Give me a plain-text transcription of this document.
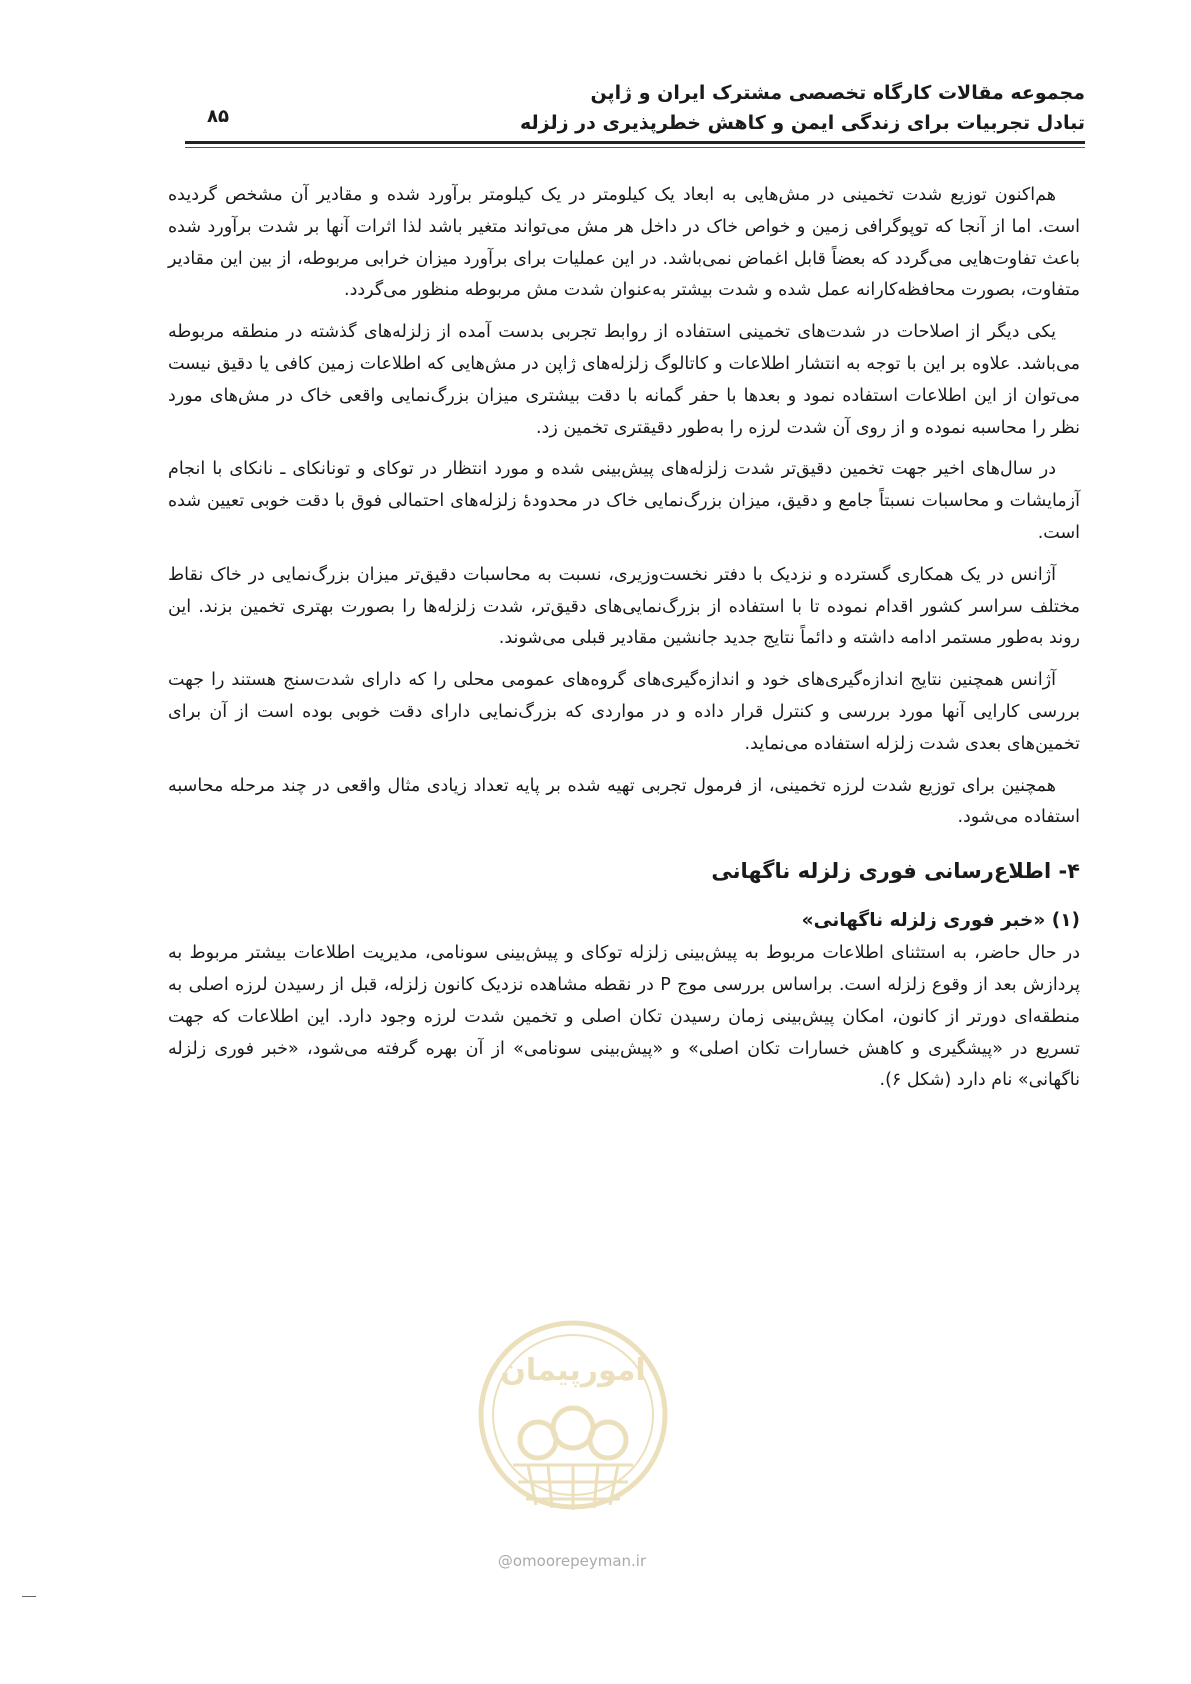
مجموعه مقالات کارگاه تخصصی مشترک ایران و ژاپن
تبادل تجربیات برای زندگی ایمن و کاهش خطرپذیری در زلزله
۸۵

هم‌اکنون توزیع شدت تخمینی در مش‌هایی به ابعاد یک کیلومتر در یک کیلومتر برآورد شده و مقادیر آن مشخص گردیده است. اما از آنجا که توپوگرافی زمین و خواص خاک در داخل هر مش می‌تواند متغیر باشد لذا اثرات آنها بر شدت برآورد شده باعث تفاوت‌هایی می‌گردد که بعضاً قابل اغماض نمی‌باشد. در این عملیات برای برآورد میزان خرابی مربوطه، از بین این مقادیر متفاوت، بصورت محافظه‌کارانه عمل شده و شدت بیشتر به‌عنوان شدت مش مربوطه منظور می‌گردد.

یکی دیگر از اصلاحات در شدت‌های تخمینی استفاده از روابط تجربی بدست آمده از زلزله‌های گذشته در منطقه مربوطه می‌باشد. علاوه بر این با توجه به انتشار اطلاعات و کاتالوگ زلزله‌های ژاپن در مش‌هایی که اطلاعات زمین کافی یا دقیق نیست می‌توان از این اطلاعات استفاده نمود و بعدها با حفر گمانه با دقت بیشتری میزان بزرگ‌نمایی واقعی خاک در مش‌های مورد نظر را محاسبه نموده و از روی آن شدت لرزه را به‌طور دقیقتری تخمین زد.

در سال‌های اخیر جهت تخمین دقیق‌تر شدت زلزله‌های پیش‌بینی شده و مورد انتظار در توکای و تونانکای ـ نانکای با انجام آزمایشات و محاسبات نسبتاً جامع و دقیق، میزان بزرگ‌نمایی خاک در محدودهٔ زلزله‌های احتمالی فوق با دقت خوبی تعیین شده است.

آژانس در یک همکاری گسترده و نزدیک با دفتر نخست‌وزیری، نسبت به محاسبات دقیق‌تر میزان بزرگ‌نمایی در خاک نقاط مختلف سراسر کشور اقدام نموده تا با استفاده از بزرگ‌نمایی‌های دقیق‌تر، شدت زلزله‌ها را بصورت بهتری تخمین بزند. این روند به‌طور مستمر ادامه داشته و دائماً نتایج جدید جانشین مقادیر قبلی می‌شوند.

آژانس همچنین نتایج اندازه‌گیری‌های خود و اندازه‌گیری‌های گروه‌های عمومی محلی را که دارای شدت‌سنج هستند را جهت بررسی کارایی آنها مورد بررسی و کنترل قرار داده و در مواردی که بزرگ‌نمایی دارای دقت خوبی بوده است از آن برای تخمین‌های بعدی شدت زلزله استفاده می‌نماید.

همچنین برای توزیع شدت لرزه تخمینی، از فرمول تجربی تهیه شده بر پایه تعداد زیادی مثال واقعی در چند مرحله محاسبه استفاده می‌شود.

۴- اطلاع‌رسانی فوری زلزله ناگهانی
(۱) «خبر فوری زلزله ناگهانی»

در حال حاضر، به استثنای اطلاعات مربوط به پیش‌بینی زلزله توکای و پیش‌بینی سونامی، مدیریت اطلاعات بیشتر مربوط به پردازش بعد از وقوع زلزله است. براساس بررسی موج P در نقطه مشاهده نزدیک کانون زلزله، قبل از رسیدن لرزه اصلی به منطقه‌ای دورتر از کانون، امکان پیش‌بینی زمان رسیدن تکان اصلی و تخمین شدت لرزه وجود دارد. این اطلاعات که جهت تسریع در «پیشگیری و کاهش خسارات تکان اصلی» و «پیش‌بینی سونامی» از آن بهره گرفته می‌شود، «خبر فوری زلزله ناگهانی» نام دارد (شکل ۶).

امورپیمان
@omoorepeyman.ir
